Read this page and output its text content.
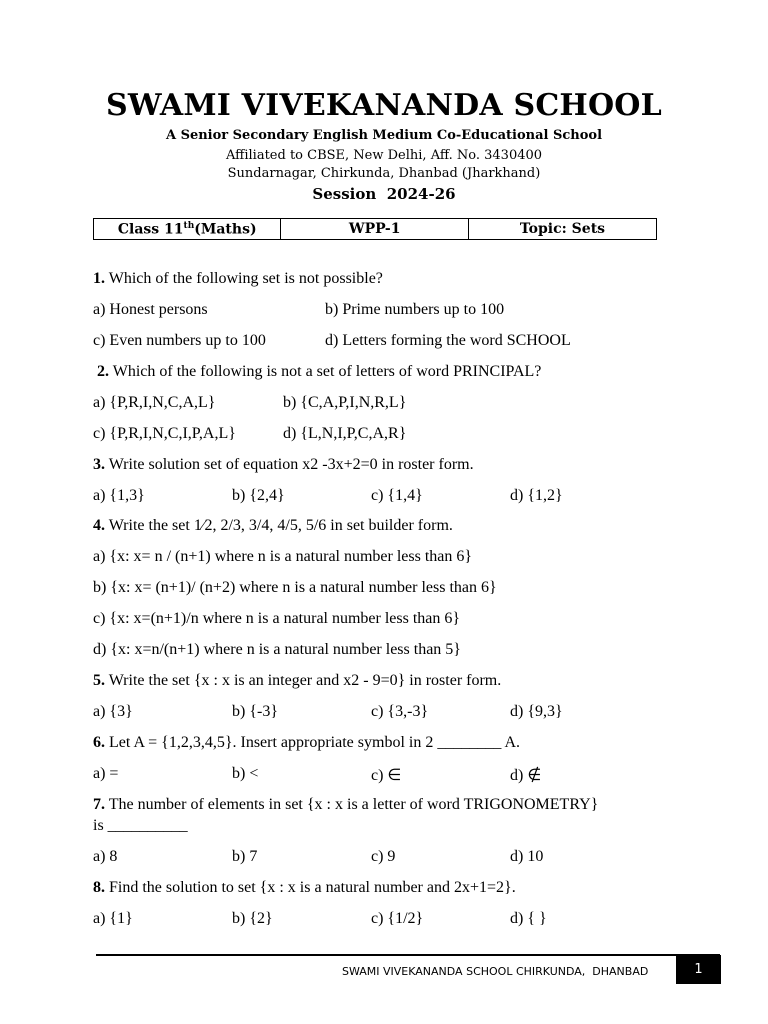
SWAMI VIVEKANANDA SCHOOL
A Senior Secondary English Medium Co-Educational School
Affiliated to CBSE, New Delhi, Aff. No. 3430400
Sundarnagar, Chirkunda, Dhanbad (Jharkhand)
Session  2024-26
Class 11th(Maths)	WPP-1	Topic: Sets
1. Which of the following set is not possible?
a) Honest persons	b) Prime numbers up to 100
c) Even numbers up to 100	d) Letters forming the word SCHOOL
2. Which of the following is not a set of letters of word PRINCIPAL?
a) {P,R,I,N,C,A,L}	b) {C,A,P,I,N,R,L}
c) {P,R,I,N,C,I,P,A,L}	d) {L,N,I,P,C,A,R}
3. Write solution set of equation x2 -3x+2=0 in roster form.
a) {1,3}	b) {2,4}	c) {1,4}	d) {1,2}
4. Write the set 1⁄2, 2/3, 3/4, 4/5, 5/6 in set builder form.
a) {x: x= n / (n+1) where n is a natural number less than 6}
b) {x: x= (n+1)/ (n+2) where n is a natural number less than 6}
c) {x: x=(n+1)/n where n is a natural number less than 6}
d) {x: x=n/(n+1) where n is a natural number less than 5}
5. Write the set {x : x is an integer and x2 - 9=0} in roster form.
a) {3}	b) {-3}	c) {3,-3}	d) {9,3}
6. Let A = {1,2,3,4,5}. Insert appropriate symbol in 2 ________ A.
a) =	b) <	c) ∈	d) ∉
7. The number of elements in set {x : x is a letter of word TRIGONOMETRY}
is __________
a) 8	b) 7	c) 9	d) 10
8. Find the solution to set {x : x is a natural number and 2x+1=2}.
a) {1}	b) {2}	c) {1/2}	d) { }
SWAMI VIVEKANANDA SCHOOL CHIRKUNDA,  DHANBAD	1
